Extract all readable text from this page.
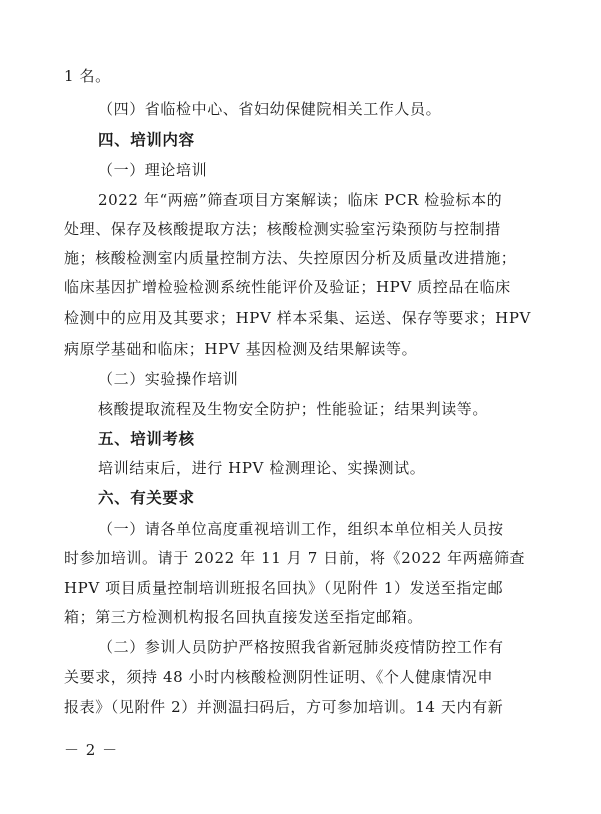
1 名。
（四）省临检中心、省妇幼保健院相关工作人员。
四、培训内容
（一）理论培训
2022 年“两癌”筛查项目方案解读；临床 PCR 检验标本的
处理、保存及核酸提取方法；核酸检测实验室污染预防与控制措
施；核酸检测室内质量控制方法、失控原因分析及质量改进措施；
临床基因扩增检验检测系统性能评价及验证；HPV 质控品在临床
检测中的应用及其要求；HPV 样本采集、运送、保存等要求；HPV
病原学基础和临床；HPV 基因检测及结果解读等。
（二）实验操作培训
核酸提取流程及生物安全防护；性能验证；结果判读等。
五、培训考核
培训结束后，进行 HPV 检测理论、实操测试。
六、有关要求
（一）请各单位高度重视培训工作，组织本单位相关人员按
时参加培训。请于 2022 年 11 月 7 日前，将《2022 年两癌筛查
HPV 项目质量控制培训班报名回执》（见附件 1）发送至指定邮
箱；第三方检测机构报名回执直接发送至指定邮箱。
（二）参训人员防护严格按照我省新冠肺炎疫情防控工作有
关要求，须持 48 小时内核酸检测阴性证明、《个人健康情况申
报表》（见附件 2）并测温扫码后，方可参加培训。14 天内有新
－ 2 －
